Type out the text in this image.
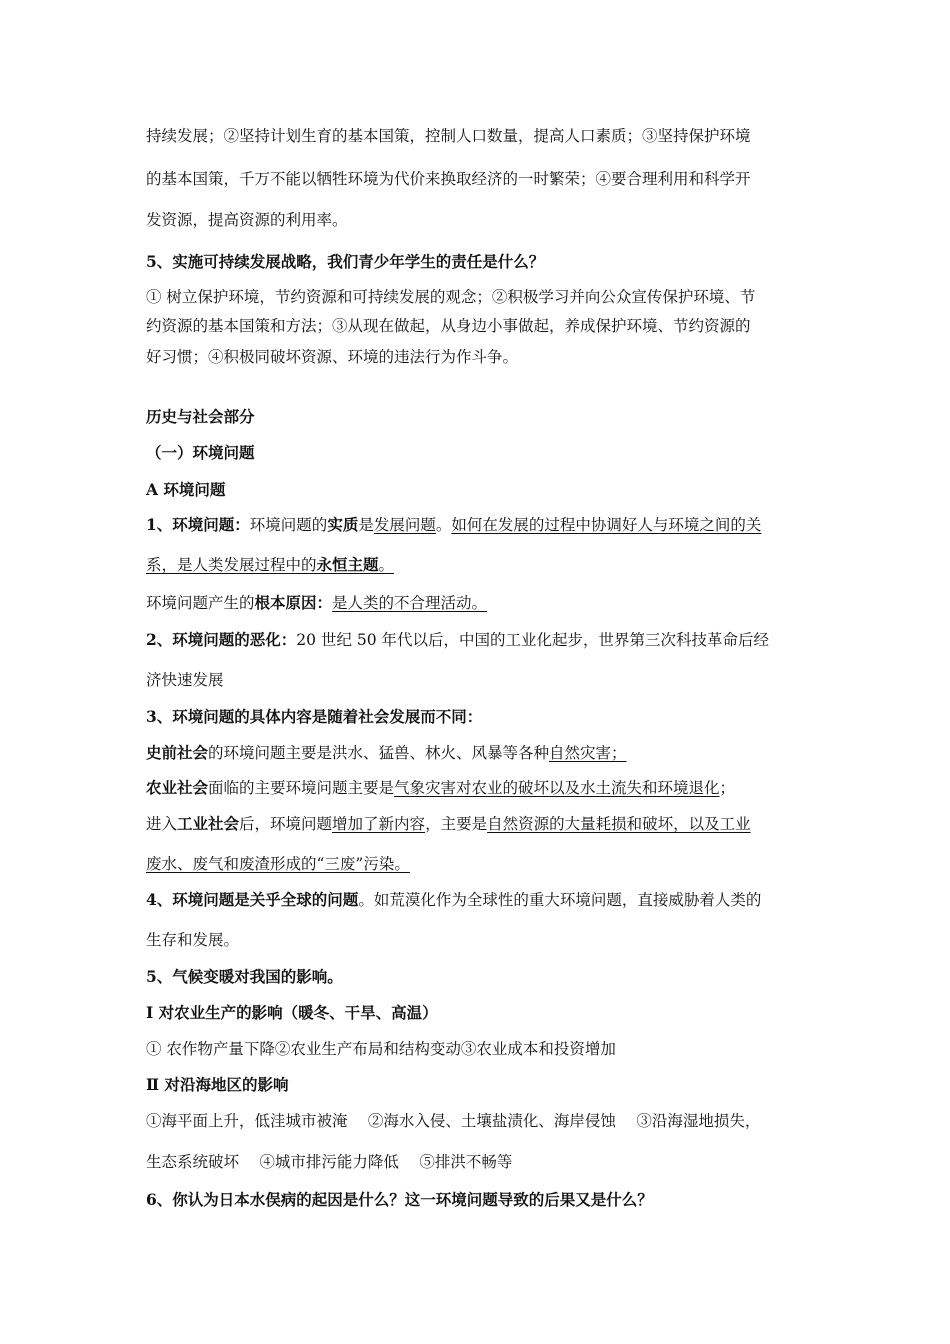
持续发展；②坚持计划生育的基本国策，控制人口数量，提高人口素质；③坚持保护环境
的基本国策，千万不能以牺牲环境为代价来换取经济的一时繁荣；④要合理利用和科学开
发资源，提高资源的利用率。
5、实施可持续发展战略，我们青少年学生的责任是什么？
① 树立保护环境，节约资源和可持续发展的观念；②积极学习并向公众宣传保护环境、节
约资源的基本国策和方法；③从现在做起，从身边小事做起，养成保护环境、节约资源的
好习惯；④积极同破坏资源、环境的违法行为作斗争。
历史与社会部分
（一）环境问题
A 环境问题
1、环境问题：环境问题的实质是发展问题。如何在发展的过程中协调好人与环境之间的关
系，是人类发展过程中的永恒主题。
环境问题产生的根本原因：是人类的不合理活动。
2、环境问题的恶化：20 世纪 50 年代以后，中国的工业化起步，世界第三次科技革命后经
济快速发展
3、环境问题的具体内容是随着社会发展而不同：
史前社会的环境问题主要是洪水、猛兽、林火、风暴等各种自然灾害；
农业社会面临的主要环境问题主要是气象灾害对农业的破坏以及水土流失和环境退化；
进入工业社会后，环境问题增加了新内容，主要是自然资源的大量耗损和破坏，以及工业
废水、废气和废渣形成的“三废”污染。
4、环境问题是关乎全球的问题。如荒漠化作为全球性的重大环境问题，直接威胁着人类的
生存和发展。
5、气候变暖对我国的影响。
Ⅰ 对农业生产的影响（暖冬、干旱、高温）
① 农作物产量下降②农业生产布局和结构变动③农业成本和投资增加
Ⅱ 对沿海地区的影响
①海平面上升，低洼城市被淹　 ②海水入侵、土壤盐渍化、海岸侵蚀　 ③沿海湿地损失，
生态系统破坏　 ④城市排污能力降低　 ⑤排洪不畅等
6、你认为日本水俣病的起因是什么？这一环境问题导致的后果又是什么？
